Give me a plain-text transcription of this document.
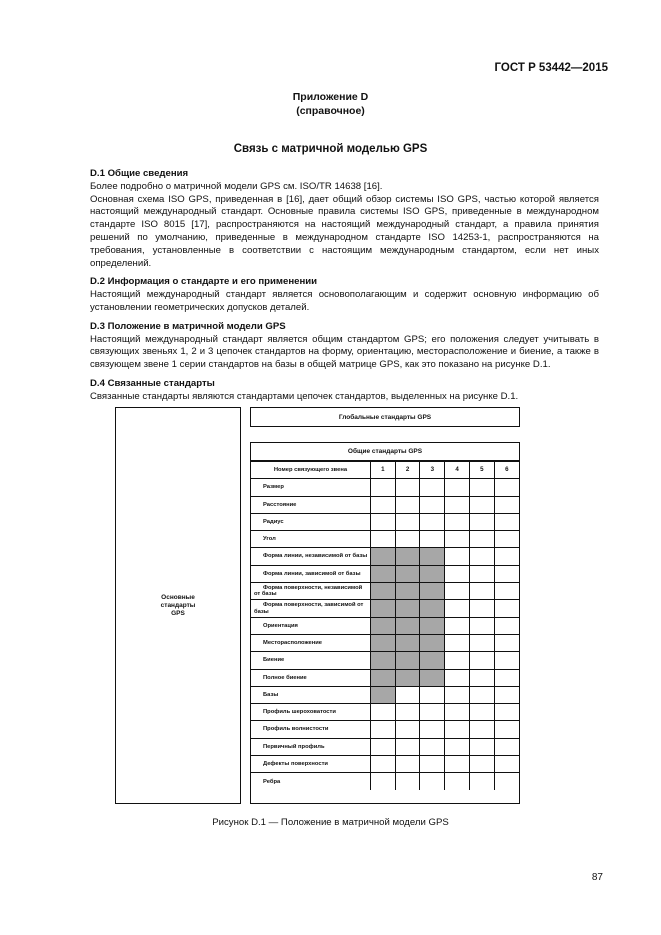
ГОСТ Р 53442—2015
Приложение D
(справочное)
Связь с матричной моделью GPS
D.1 Общие сведения

Более подробно о матричной модели GPS см. ISO/TR 14638 [16].

Основная схема ISO GPS, приведенная в [16], дает общий обзор системы ISO GPS, частью которой является настоящий международный стандарт. Основные правила системы ISO GPS, приведенные в международном стандарте ISO 8015 [17], распространяются на настоящий международный стандарт, а правила принятия решений по умолчанию, приведенные в международном стандарте ISO 14253-1, распространяются на требования, установленные в соответствии с настоящим международным стандартом, если нет иных определений.

D.2 Информация о стандарте и его применении

Настоящий международный стандарт является основополагающим и содержит основную информацию об установлении геометрических допусков деталей.

D.3 Положение в матричной модели GPS

Настоящий международный стандарт является общим стандартом GPS; его положения следует учитывать в связующих звеньях 1, 2 и 3 цепочек стандартов на форму, ориентацию, месторасположение и биение, а также в связующем звене 1 серии стандартов на базы в общей матрице GPS, как это показано на рисунке D.1.

D.4 Связанные стандарты

Связанные стандарты являются стандартами цепочек стандартов, выделенных на рисунке D.1.

Основные
стандарты
GPS
Глобальные стандарты GPS
Общие стандарты GPS
Номер связующего звена	1	2	3	4	5	6
Размер						
Расстояние						
Радиус						
Угол						
Форма линии, независимой от базы						
Форма линии, зависимой от базы						
Форма поверхности, независимой от базы						
Форма поверхности, зависимой от базы						
Ориентация						
Месторасположение						
Биение						
Полное биение						
Базы						
Профиль шероховатости						
Профиль волнистости						
Первичный профиль						
Дефекты поверхности						
Ребра						
Рисунок D.1 — Положение в матричной модели GPS
87
